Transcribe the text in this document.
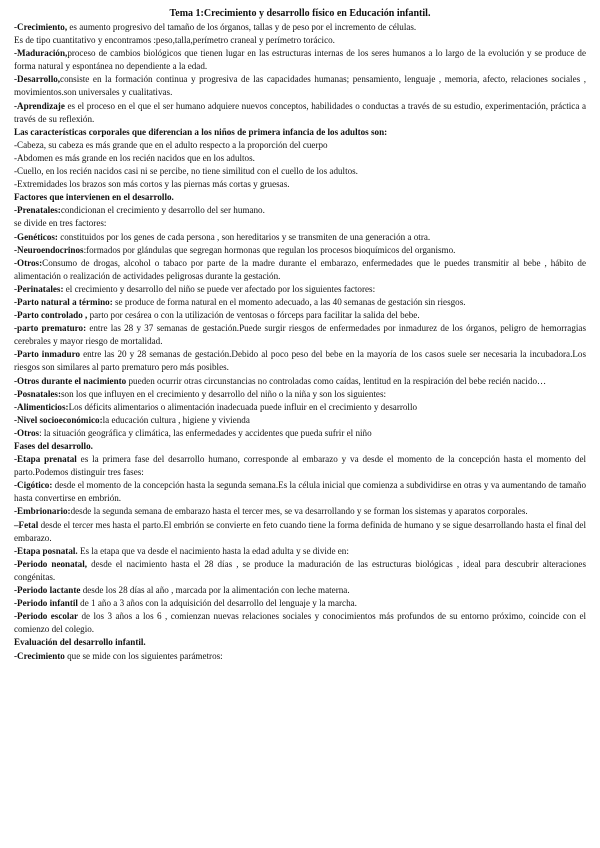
Tema 1:Crecimiento y desarrollo físico en Educación infantil.

-Crecimiento, es aumento progresivo del tamaño de los órganos, tallas y de peso por el incremento de células.

Es de tipo cuantitativo y encontramos :peso,talla,perímetro craneal y perímetro torácico.

-Maduración,proceso de cambios biológicos que tienen lugar en las estructuras internas de los seres humanos a lo largo de la evolución y se produce de forma natural y espontánea no dependiente a la edad.

-Desarrollo,consiste en la formación continua y progresiva de las capacidades humanas; pensamiento, lenguaje , memoria, afecto, relaciones sociales , movimientos.son universales y cualitativas.

-Aprendizaje es el proceso en el que el ser humano adquiere nuevos conceptos, habilidades o conductas a través de su estudio, experimentación, práctica a través de su reflexión.

Las características corporales que diferencian a los niños de primera infancia de los adultos son:

-Cabeza, su cabeza es más grande que en el adulto respecto a la proporción del cuerpo

-Abdomen es más grande en los recién nacidos que en los adultos.

-Cuello, en los recién nacidos casi ni se percibe, no tiene similitud con el cuello de los adultos.

-Extremidades los brazos son más cortos y las piernas más cortas y gruesas.

Factores que intervienen en el desarrollo.

-Prenatales:condicionan el crecimiento y desarrollo del ser humano.

se divide en tres factores:

-Genéticos: constituidos por los genes de cada persona , son hereditarios y se transmiten de una generación a otra.

-Neuroendocrinos:formados por glándulas que segregan hormonas que regulan los procesos bioquímicos del organismo.

-Otros:Consumo de drogas, alcohol o tabaco por parte de la madre durante el embarazo, enfermedades que le puedes transmitir al bebe , hábito de alimentación o realización de actividades peligrosas durante la gestación.

-Perinatales: el crecimiento y desarrollo del niño se puede ver afectado por los siguientes factores:

-Parto natural a término: se produce de forma natural en el momento adecuado, a las 40 semanas de gestación sin riesgos.

-Parto controlado , parto por cesárea o con la utilización de ventosas o fórceps para facilitar la salida del bebe.

-parto prematuro: entre las 28 y 37 semanas de gestación.Puede surgir riesgos de enfermedades por inmadurez de los órganos, peligro de hemorragias cerebrales y mayor riesgo de mortalidad.

-Parto inmaduro entre las 20 y 28 semanas de gestación.Debido al poco peso del bebe en la mayoría de los casos suele ser necesaria la incubadora.Los riesgos son similares al parto prematuro pero más posibles.

-Otros durante el nacimiento pueden ocurrir otras circunstancias no controladas como caídas, lentitud en la respiración del bebe recién nacido…

-Posnatales:son los que influyen en el crecimiento y desarrollo del niño o la niña y son los siguientes:

-Alimenticios:Los déficits alimentarios o alimentación inadecuada puede influir en el crecimiento y desarrollo

-Nivel socioeconómico:la educación cultura , higiene y vivienda

-Otros: la situación geográfica y climática, las enfermedades y accidentes que pueda sufrir el niño

Fases del desarrollo.

-Etapa prenatal es la primera fase del desarrollo humano, corresponde al embarazo y va desde el momento de la concepción hasta el momento del parto.Podemos distinguir tres fases:

-Cigótico: desde el momento de la concepción hasta la segunda semana.Es la célula inicial que comienza a subdividirse en otras y va aumentando de tamaño hasta convertirse en embrión.

-Embrionario:desde la segunda semana de embarazo hasta el tercer mes, se va desarrollando y se forman los sistemas y aparatos corporales.

–Fetal desde el tercer mes hasta el parto.El embrión se convierte en feto cuando tiene la forma definida de humano y se sigue desarrollando hasta el final del embarazo.

-Etapa posnatal. Es la etapa que va desde el nacimiento hasta la edad adulta y se divide en:

-Periodo neonatal, desde el nacimiento hasta el 28 días , se produce la maduración de las estructuras biológicas , ideal para descubrir alteraciones congénitas.

-Periodo lactante desde los 28 días al año , marcada por la alimentación con leche materna.

-Periodo infantil de 1 año a 3 años con la adquisición del desarrollo del lenguaje y la marcha.

-Periodo escolar de los 3 años a los 6 , comienzan nuevas relaciones sociales y conocimientos más profundos de su entorno próximo, coincide con el comienzo del colegio.

Evaluación del desarrollo infantil.

-Crecimiento que se mide con los siguientes parámetros:
